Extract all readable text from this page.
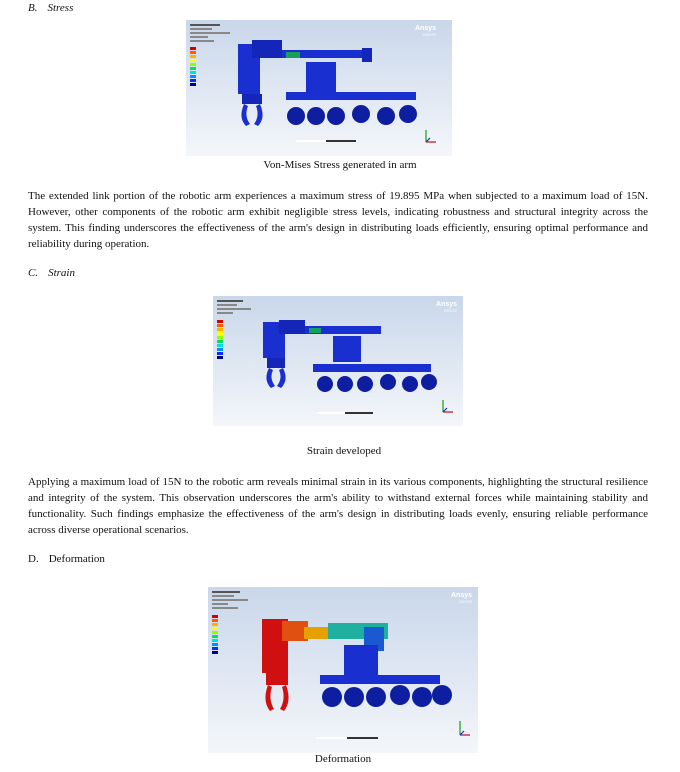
B. Stress
Ansys
2023 R2
Von-Mises Stress generated in arm

The extended link portion of the robotic arm experiences a maximum stress of 19.895 MPa when subjected to a maximum load of 15N. However, other components of the robotic arm exhibit negligible stress levels, indicating robustness and structural integrity across the system. This finding underscores the effectiveness of the arm's design in distributing loads efficiently, ensuring optimal performance and reliability during operation.

C. Strain
Ansys
2023 R2
Strain developed

Applying a maximum load of 15N to the robotic arm reveals minimal strain in its various components, highlighting the structural resilience and integrity of the system. This observation underscores the arm's ability to withstand external forces while maintaining stability and functionality. Such findings emphasize the effectiveness of the arm's design in distributing loads evenly, ensuring reliable performance across diverse operational scenarios.

D. Deformation
Ansys
2023 R2
Deformation
